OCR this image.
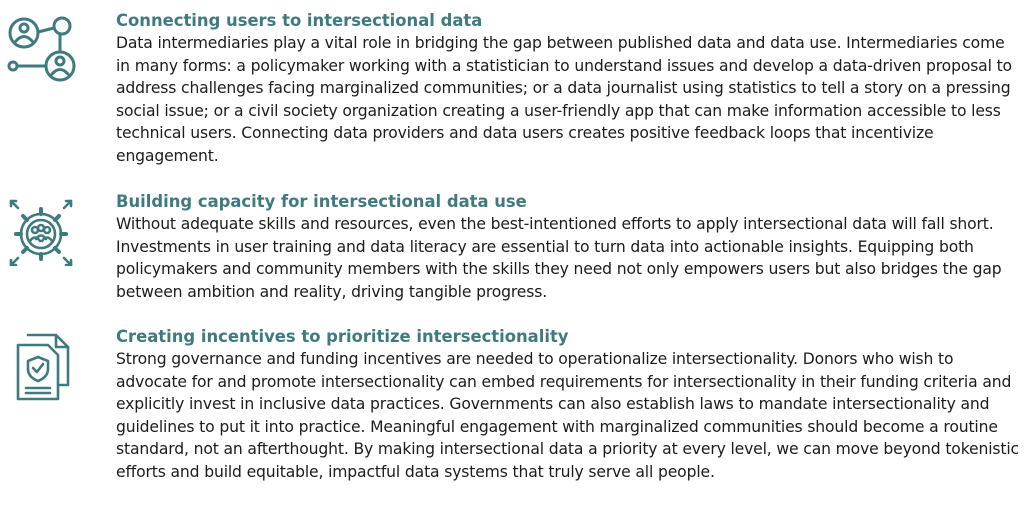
Connecting users to intersectional data

Data intermediaries play a vital role in bridging the gap between published data and data use. Intermediaries come in many forms: a policymaker working with a statistician to understand issues and develop a data-driven proposal to address challenges facing marginalized communities; or a data journalist using statistics to tell a story on a pressing social issue; or a civil society organization creating a user-friendly app that can make information accessible to less technical users. Connecting data providers and data users creates positive feedback loops that incentivize engagement.

Building capacity for intersectional data use

Without adequate skills and resources, even the best-intentioned efforts to apply intersectional data will fall short. Investments in user training and data literacy are essential to turn data into actionable insights. Equipping both policymakers and community members with the skills they need not only empowers users but also bridges the gap between ambition and reality, driving tangible progress.

Creating incentives to prioritize intersectionality

Strong governance and funding incentives are needed to operationalize intersectionality. Donors who wish to advocate for and promote intersectionality can embed requirements for intersectionality in their funding criteria and explicitly invest in inclusive data practices. Governments can also establish laws to mandate intersectionality and guidelines to put it into practice. Meaningful engagement with marginalized communities should become a routine standard, not an afterthought. By making intersectional data a priority at every level, we can move beyond tokenistic efforts and build equitable, impactful data systems that truly serve all people.
